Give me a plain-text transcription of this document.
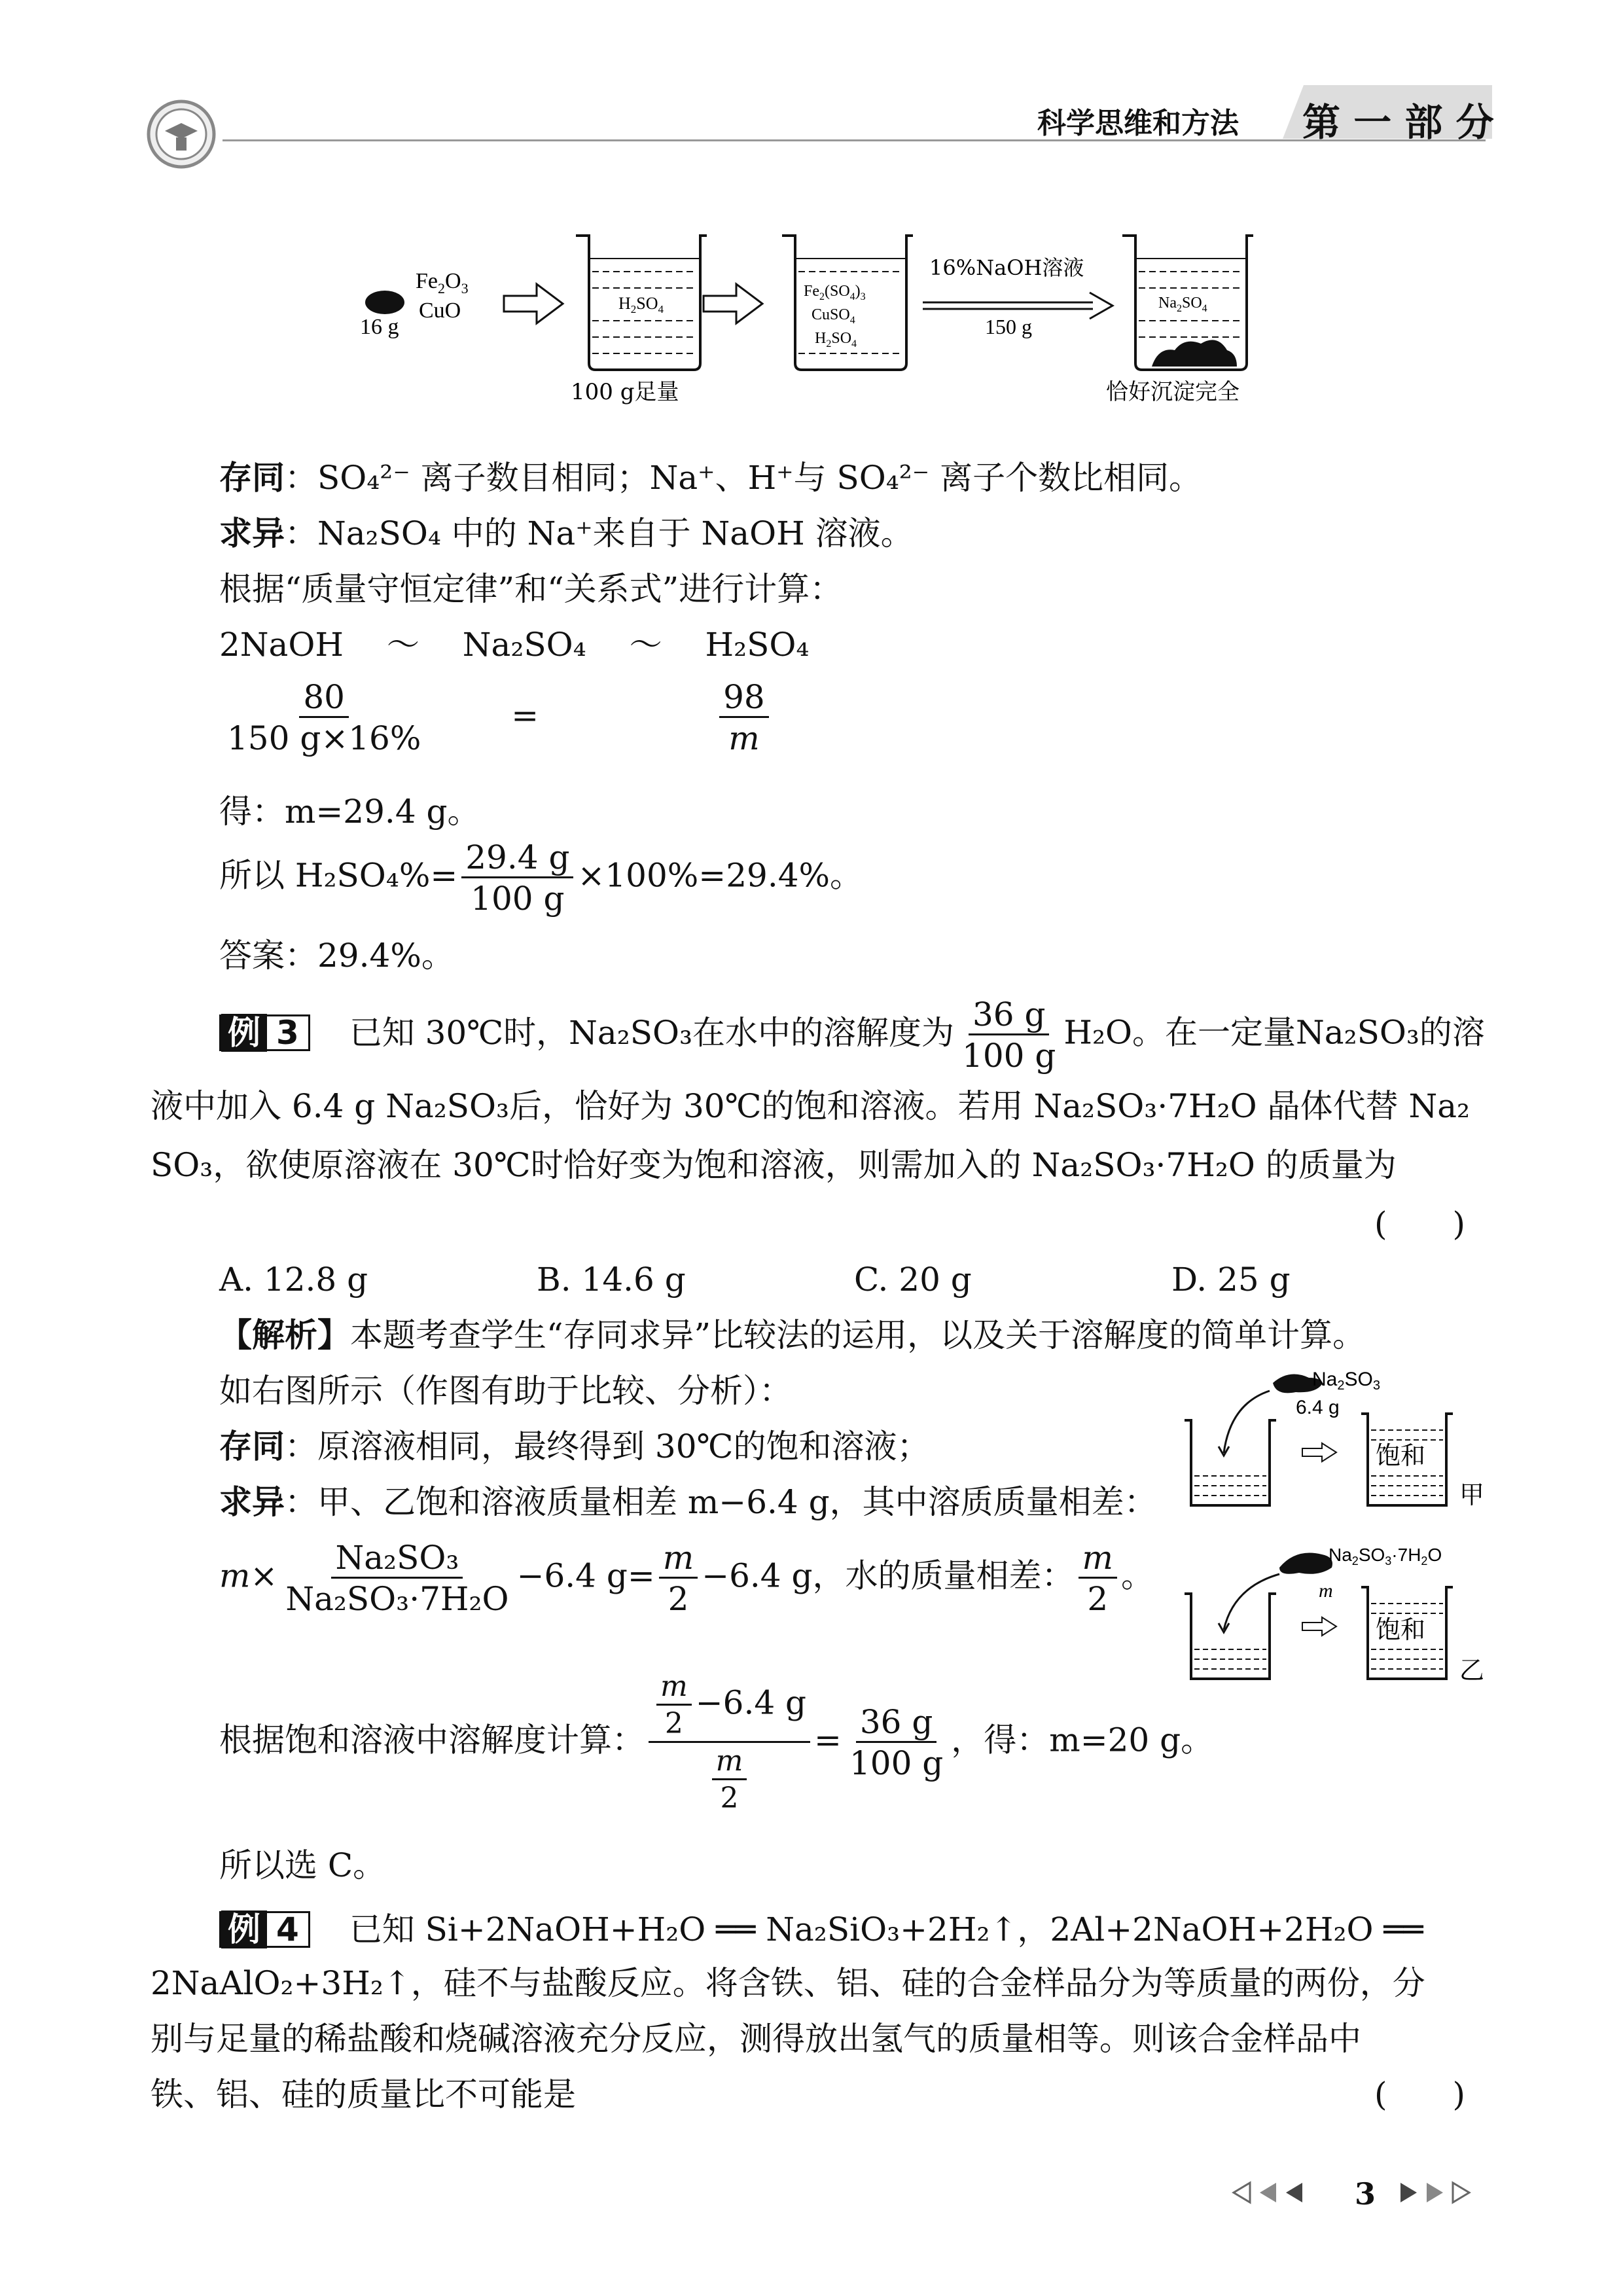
科学思维和方法 第 一 部 分
$Fe_2O_3$
CuO
16 g
$H_2SO_4$
100 g足量
$Fe_2(SO_4)_3$
CuSO$_4$
$H_2SO_4$
16%NaOH溶液
150 g
$Na_2SO_4$
恰好沉淀完全
存同：SO₄²⁻ 离子数目相同；Na⁺、H⁺与 SO₄²⁻ 离子个数比相同。
求异：Na₂SO₄ 中的 Na⁺来自于 NaOH 溶液。
根据“质量守恒定律”和“关系式”进行计算：
2NaOH ～ Na₂SO₄ ～ H₂SO₄
$\frac{80}{150 g\times 16\%}$	=	$\frac{98}{m}$
得：m=29.4 g。
所以 $H_2SO_4\%= \frac{29.4 g}{100 g} \times 100\%=29.4\%$。
答案：29.4%。
例 3 已知 30℃时，Na₂SO₃在水中的溶解度为 $\frac{36 g}{100 g} H_2O$。在一定量Na₂SO₃的溶
液中加入 6.4 g Na₂SO₃后，恰好为 30℃的饱和溶液。若用 Na₂SO₃·7H₂O 晶体代替 Na₂
SO₃，欲使原溶液在 30℃时恰好变为饱和溶液，则需加入的 Na₂SO₃·7H₂O 的质量为
(　　)
A. 12.8 g	B. 14.6 g	C. 20 g	D. 25 g
【解析】本题考查学生“存同求异”比较法的运用，以及关于溶解度的简单计算。
如右图所示（作图有助于比较、分析）：
存同：原溶液相同，最终得到 30℃的饱和溶液；
求异：甲、乙饱和溶液质量相差 m−6.4 g，其中溶质质量相差：
$m\times \frac{\text{Na₂SO₃}}{\text{Na₂SO₃·7H₂O}} -6.4$ $g= \frac{m}{2} -6.4$ g，水的质量相差： $\frac{m}{2}$ 。
根据饱和溶液中溶解度计算： $\frac{\frac{m}{2} -6.4 g}{\frac{m}{2}} = \frac{36 g}{100 g}$ ，得：m=20 g。
所以选 C。
$Na_2SO_3$
6.4 g
饱和
甲
$Na_2SO_3\cdot 7H_2O$
m
饱和
乙
例 4 已知 Si+2NaOH+H₂O ══ Na₂SiO₃+2H₂↑，2Al+2NaOH+2H₂O ══
2NaAlO₂+3H₂↑，硅不与盐酸反应。将含铁、铝、硅的合金样品分为等质量的两份，分
别与足量的稀盐酸和烧碱溶液充分反应，测得放出氢气的质量相等。则该合金样品中
铁、铝、硅的质量比不可能是	(　　)
3
